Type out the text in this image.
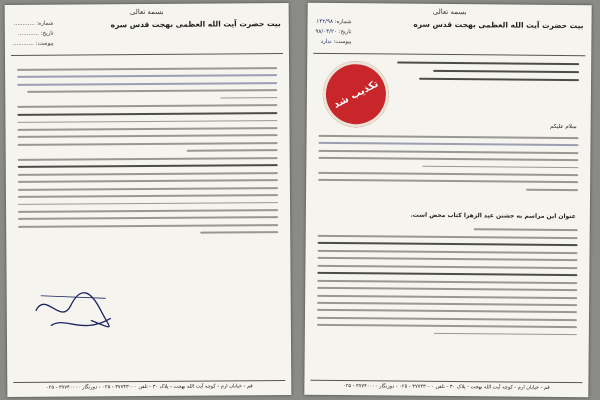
بسمه تعالی
بیت حضرت آیت الله العظمی بهجت قدس سره
شماره: ............
تاریخ: ............
پیوست: ............
قم - خیابان ارم - کوچه آیت الله بهجت - پلاک ۳۰ - تلفن ۳۷۷۴۳۰۰۰ - ۰۲۵ - دورنگار ۳۷۷۴۰۰۰۰ - ۰۲۵
بسمه تعالی
بیت حضرت آیت الله العظمی بهجت قدس سره
شماره: ۱۴۲/۹۸
تاریخ: ۹۸/۰۳/۲۰
پیوست: ندارد
تکذیب شد
سلام علیکم
عنوان این مراسم به جشنن عید الزهرا کتاب محض است.
قم - خیابان ارم - کوچه آیت الله بهجت - پلاک ۳۰ - تلفن ۳۷۷۴۳۰۰۰ - ۰۲۵ - دورنگار ۳۷۷۴۰۰۰۰ - ۰۲۵
